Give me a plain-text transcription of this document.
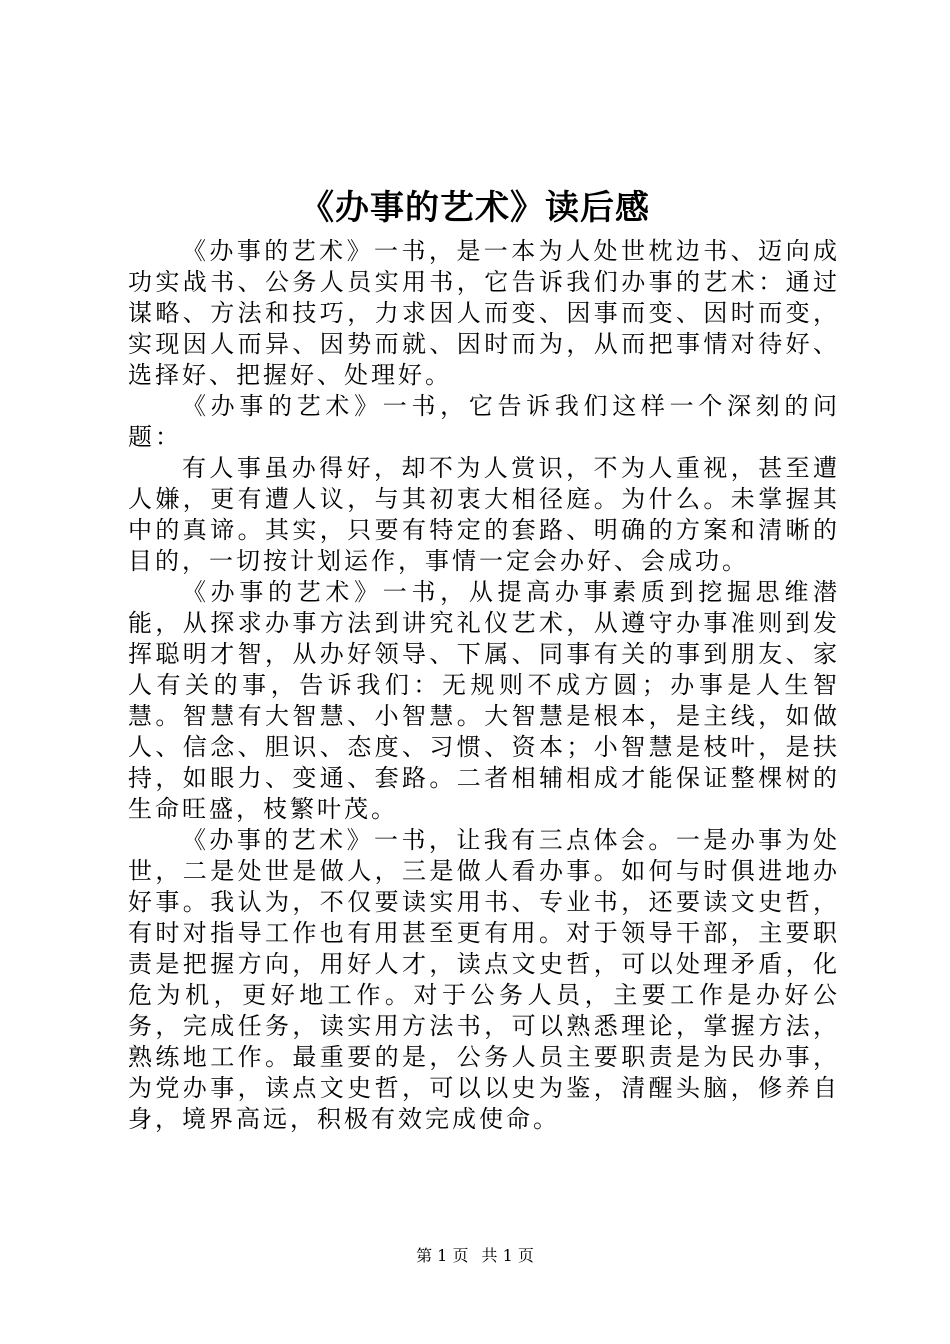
《办事的艺术》读后感

《办事的艺术》一书，是一本为人处世枕边书、迈向成功实战书、公务人员实用书，它告诉我们办事的艺术：通过谋略、方法和技巧，力求因人而变、因事而变、因时而变，实现因人而异、因势而就、因时而为，从而把事情对待好、选择好、把握好、处理好。

《办事的艺术》一书，它告诉我们这样一个深刻的问题：

有人事虽办得好，却不为人赏识，不为人重视，甚至遭人嫌，更有遭人议，与其初衷大相径庭。为什么。未掌握其中的真谛。其实，只要有特定的套路、明确的方案和清晰的目的，一切按计划运作，事情一定会办好、会成功。

《办事的艺术》一书，从提高办事素质到挖掘思维潜能，从探求办事方法到讲究礼仪艺术，从遵守办事准则到发挥聪明才智，从办好领导、下属、同事有关的事到朋友、家人有关的事，告诉我们：无规则不成方圆；办事是人生智慧。智慧有大智慧、小智慧。大智慧是根本，是主线，如做人、信念、胆识、态度、习惯、资本；小智慧是枝叶，是扶持，如眼力、变通、套路。二者相辅相成才能保证整棵树的生命旺盛，枝繁叶茂。

《办事的艺术》一书，让我有三点体会。一是办事为处世，二是处世是做人，三是做人看办事。如何与时俱进地办好事。我认为，不仅要读实用书、专业书，还要读文史哲，有时对指导工作也有用甚至更有用。对于领导干部，主要职责是把握方向，用好人才，读点文史哲，可以处理矛盾，化危为机，更好地工作。对于公务人员，主要工作是办好公务，完成任务，读实用方法书，可以熟悉理论，掌握方法，熟练地工作。最重要的是，公务人员主要职责是为民办事，为党办事，读点文史哲，可以以史为鉴，清醒头脑，修养自身，境界高远，积极有效完成使命。

第 1 页 共 1 页
